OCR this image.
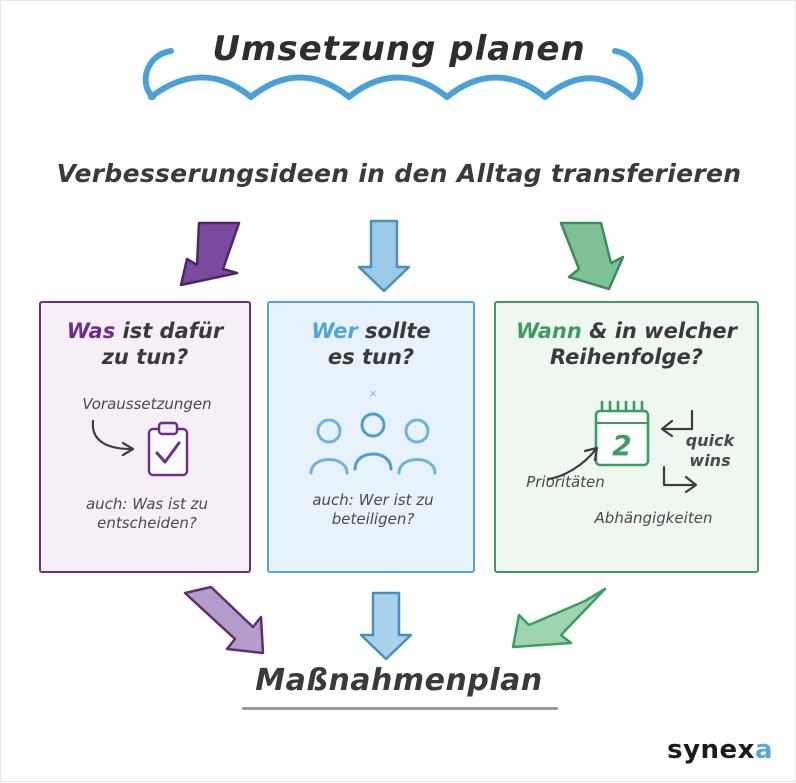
Umsetzung planen
Verbesserungsideen in den Alltag transferieren
Was ist dafür
zu tun?
Voraussetzungen
auch: Was ist zu
entscheiden?
Wer sollte
es tun?
×
auch: Wer ist zu
beteiligen?
Wann & in welcher
Reihenfolge?
2
Prioritäten
quick
wins
Abhängigkeiten
Maßnahmenplan
synexa
